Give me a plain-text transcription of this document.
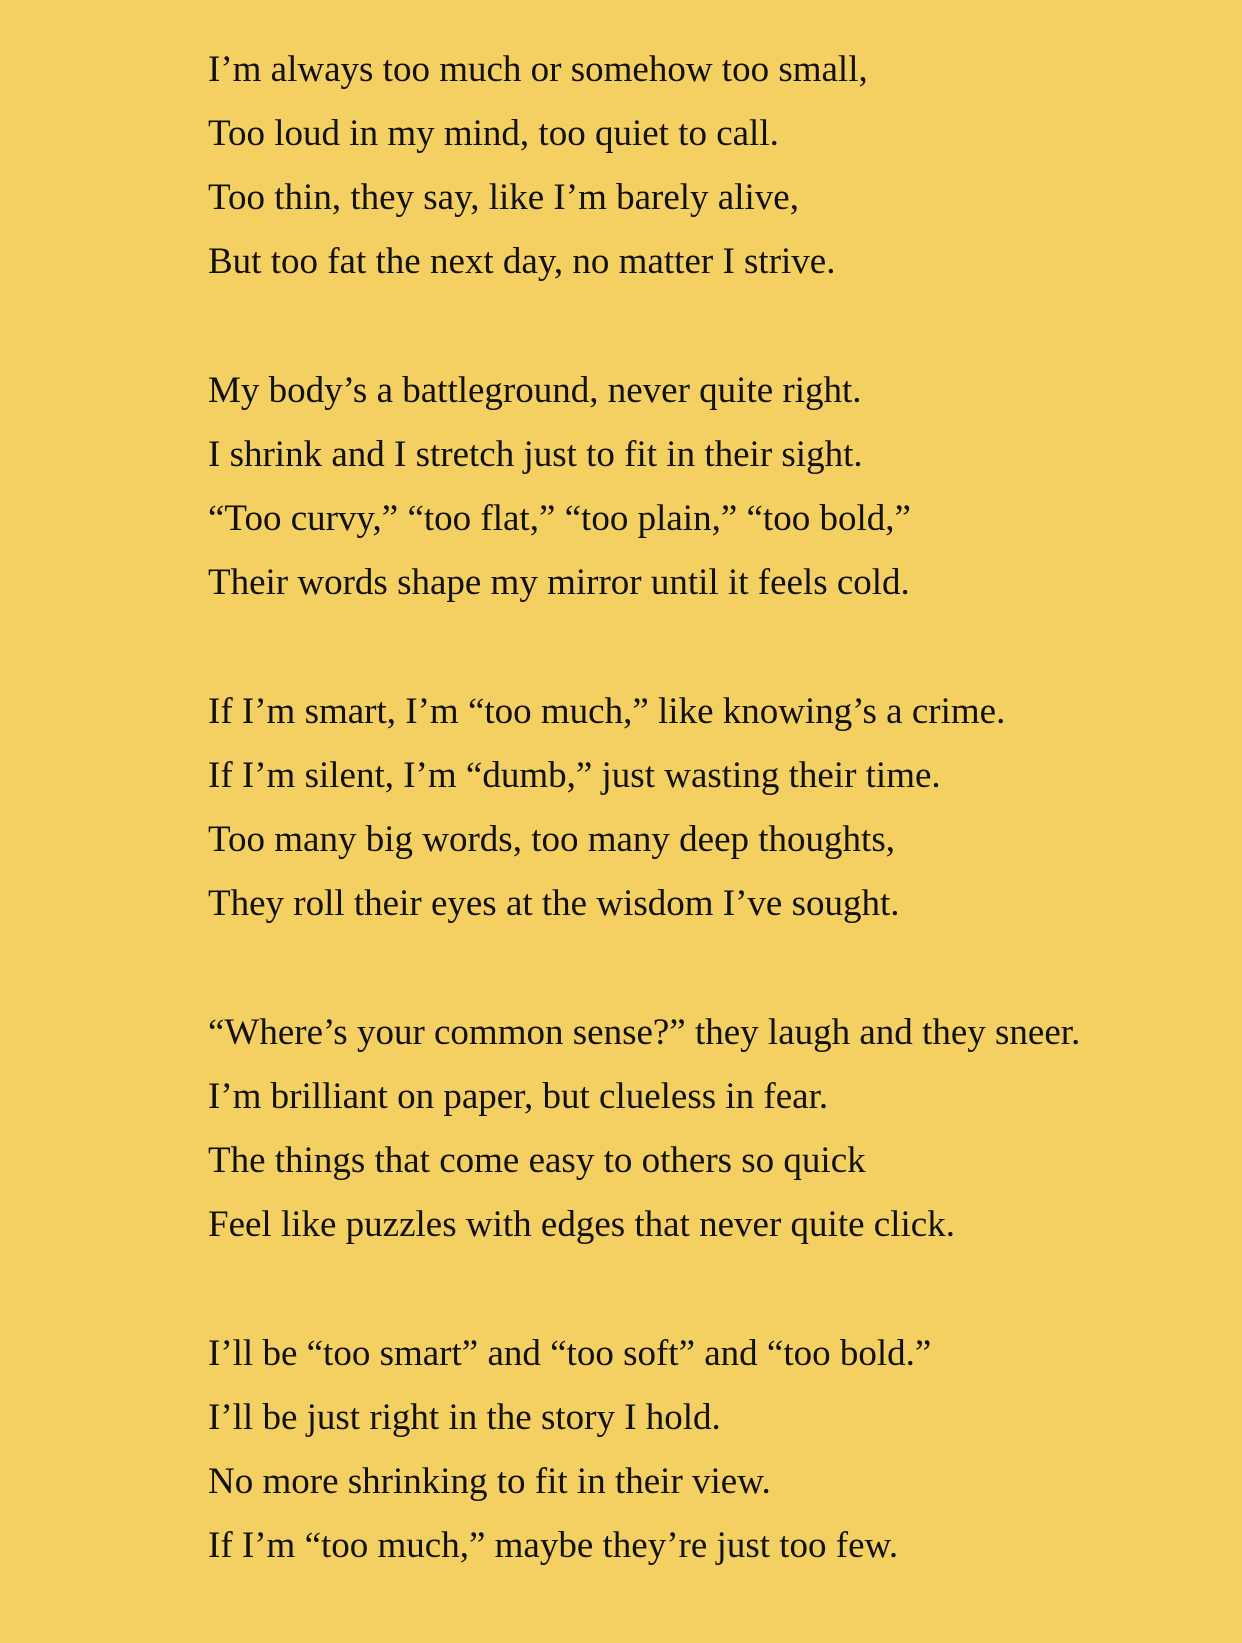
I’m always too much or somehow too small,
Too loud in my mind, too quiet to call.
Too thin, they say, like I’m barely alive,
But too fat the next day, no matter I strive.
My body’s a battleground, never quite right.
I shrink and I stretch just to fit in their sight.
“Too curvy,” “too flat,” “too plain,” “too bold,”
Their words shape my mirror until it feels cold.
If I’m smart, I’m “too much,” like knowing’s a crime.
If I’m silent, I’m “dumb,” just wasting their time.
Too many big words, too many deep thoughts,
They roll their eyes at the wisdom I’ve sought.
“Where’s your common sense?” they laugh and they sneer.
I’m brilliant on paper, but clueless in fear.
The things that come easy to others so quick
Feel like puzzles with edges that never quite click.
I’ll be “too smart” and “too soft” and “too bold.”
I’ll be just right in the story I hold.
No more shrinking to fit in their view.
If I’m “too much,” maybe they’re just too few.
